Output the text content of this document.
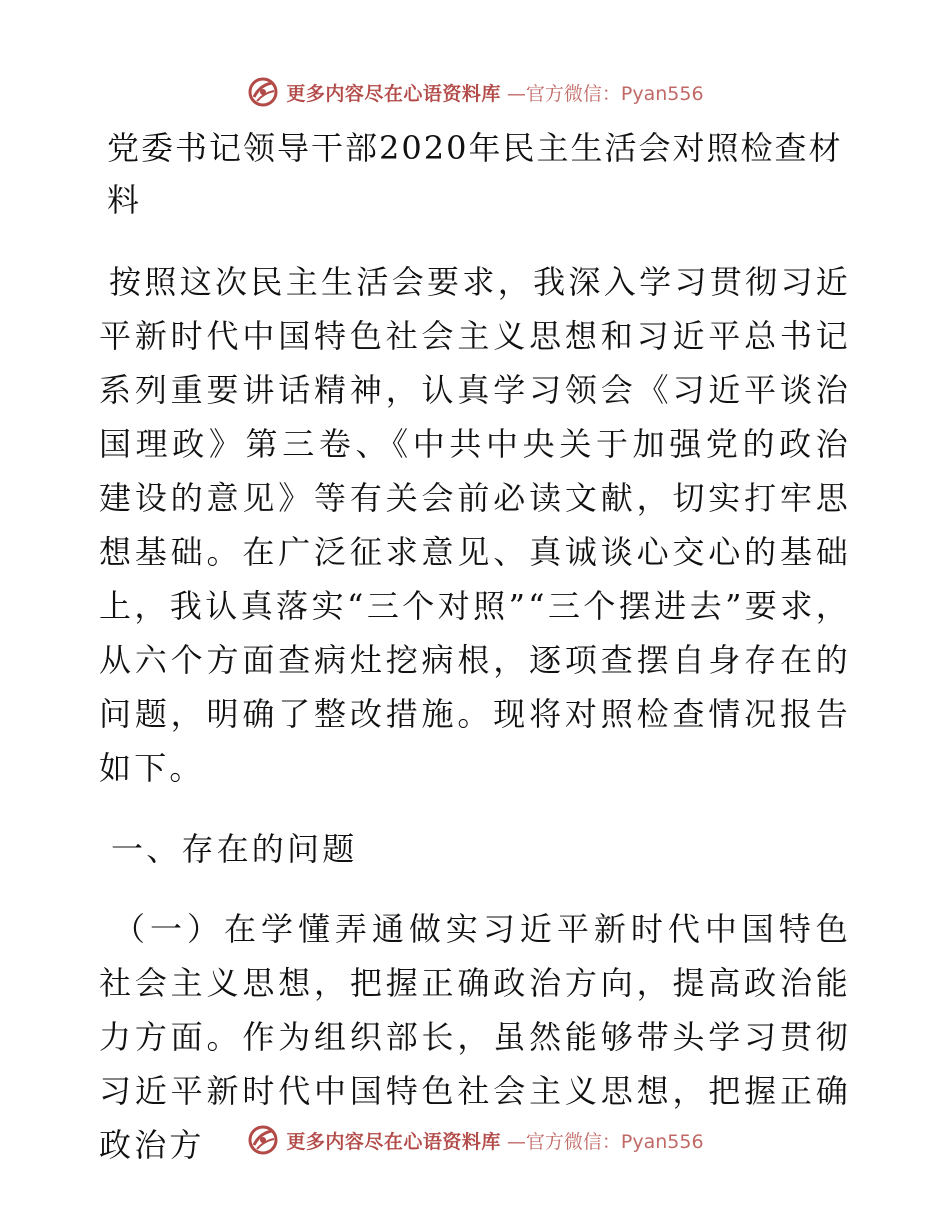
更多内容尽在心语资料库 —官方微信：Pyan556
党委书记领导干部2020年民主生活会对照检查材料

按照这次民主生活会要求，我深入学习贯彻习近平新时代中国特色社会主义思想和习近平总书记系列重要讲话精神，认真学习领会《习近平谈治国理政》第三卷、《中共中央关于加强党的政治建设的意见》等有关会前必读文献，切实打牢思想基础。在广泛征求意见、真诚谈心交心的基础上，我认真落实“三个对照”“三个摆进去”要求，从六个方面查病灶挖病根，逐项查摆自身存在的问题，明确了整改措施。现将对照检查情况报告如下。

一、存在的问题

（一）在学懂弄通做实习近平新时代中国特色社会主义思想，把握正确政治方向，提高政治能力方面。作为组织部长，虽然能够带头学习贯彻习近平新时代中国特色社会主义思想，把握正确政治方	更多内容尽在心语资料库 —官方微信：Pyan556
